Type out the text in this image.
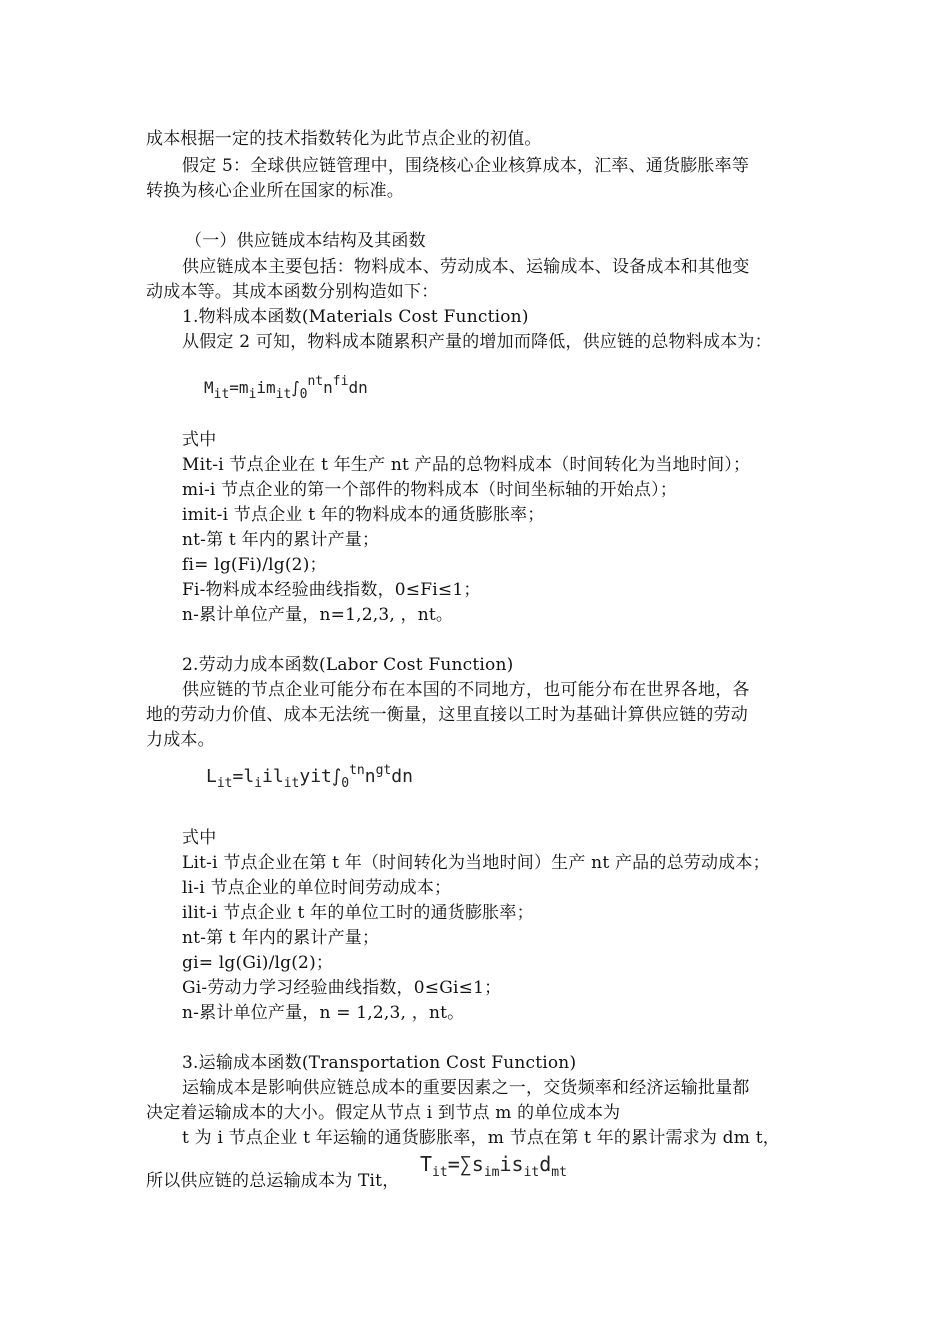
成本根据一定的技术指数转化为此节点企业的初值。
假定 5：全球供应链管理中，围绕核心企业核算成本，汇率、通货膨胀率等
转换为核心企业所在国家的标准。
（一）供应链成本结构及其函数
供应链成本主要包括：物料成本、劳动成本、运输成本、设备成本和其他变
动成本等。其成本函数分别构造如下：
1.物料成本函数(Materials Cost Function)
从假定 2 可知，物料成本随累积产量的增加而降低，供应链的总物料成本为：
$M_{it}=m_iim_{it}\int_0^{nt}n^{fi}dn$
式中
Mit-i 节点企业在 t 年生产 nt 产品的总物料成本（时间转化为当地时间）；
mi-i 节点企业的第一个部件的物料成本（时间坐标轴的开始点）；
imit-i 节点企业 t 年的物料成本的通货膨胀率；
nt-第 t 年内的累计产量；
fi= lg(Fi)/lg(2)；
Fi-物料成本经验曲线指数，0≤Fi≤1；
n-累计单位产量，n=1,2,3, ，nt。
2.劳动力成本函数(Labor Cost Function)
供应链的节点企业可能分布在本国的不同地方，也可能分布在世界各地，各
地的劳动力价值、成本无法统一衡量，这里直接以工时为基础计算供应链的劳动
力成本。
$L_{it}=l_iil_{it}yit\int_0^{tn}n^{gt}dn$
式中
Lit-i 节点企业在第 t 年（时间转化为当地时间）生产 nt 产品的总劳动成本；
li-i 节点企业的单位时间劳动成本；
ilit-i 节点企业 t 年的单位工时的通货膨胀率；
nt-第 t 年内的累计产量；
gi= lg(Gi)/lg(2)；
Gi-劳动力学习经验曲线指数，0≤Gi≤1；
n-累计单位产量，n = 1,2,3, ，nt。
3.运输成本函数(Transportation Cost Function)
运输成本是影响供应链总成本的重要因素之一，交货频率和经济运输批量都
决定着运输成本的大小。假定从节点 i 到节点 m 的单位成本为
t 为 i 节点企业 t 年运输的通货膨胀率，m 节点在第 t 年的累计需求为 dm t，
所以供应链的总运输成本为 Tit，
$T_{it}=\sum s_{im}is_{it}d_{mt}$
